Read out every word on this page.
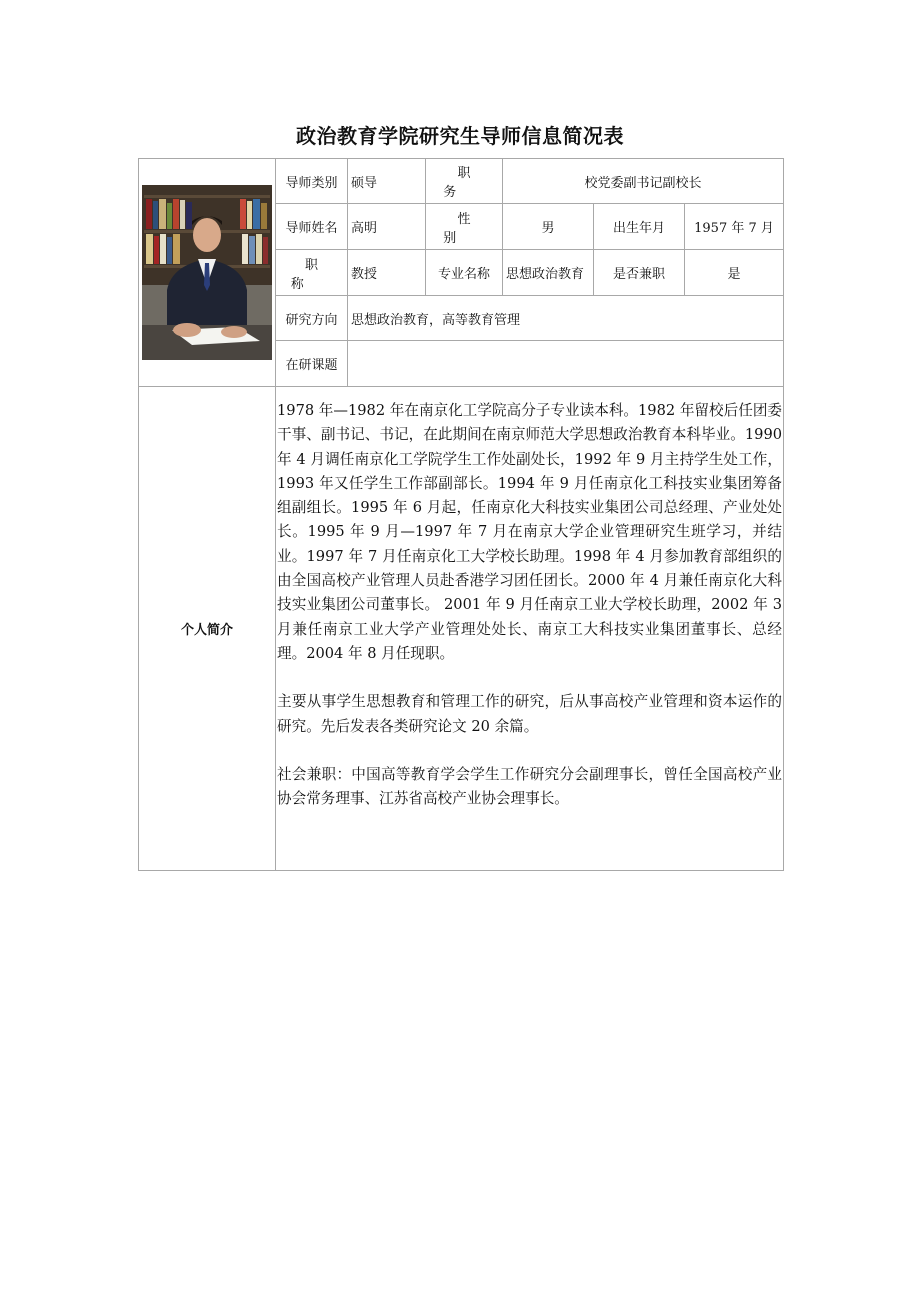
政治教育学院研究生导师信息简况表
	导师类别	硕导	职 务	校党委副书记副校长		
	导师姓名	高明	性 别	男	出生年月	1957 年 7 月
	职 称	教授	专业名称	思想政治教育	是否兼职	是
	研究方向	思想政治教育，高等教育管理				
	在研课题					
个人简介	1978 年—1982 年在南京化工学院高分子专业读本科。1982 年留校后任团委干事、副书记、书记，在此期间在南京师范大学思想政治教育本科毕业。1990 年 4 月调任南京化工学院学生工作处副处长，1992 年 9 月主持学生处工作，1993 年又任学生工作部副部长。1994 年 9 月任南京化工科技实业集团筹备组副组长。1995 年 6 月起，任南京化大科技实业集团公司总经理、产业处处长。1995 年 9 月—1997 年 7 月在南京大学企业管理研究生班学习，并结业。1997 年 7 月任南京化工大学校长助理。1998 年 4 月参加教育部组织的由全国高校产业管理人员赴香港学习团任团长。2000 年 4 月兼任南京化大科技实业集团公司董事长。 2001 年 9 月任南京工业大学校长助理，2002 年 3 月兼任南京工业大学产业管理处处长、南京工大科技实业集团董事长、总经理。2004 年 8 月任现职。

主要从事学生思想教育和管理工作的研究，后从事高校产业管理和资本运作的研究。先后发表各类研究论文 20 余篇。

社会兼职：中国高等教育学会学生工作研究分会副理事长，曾任全国高校产业协会常务理事、江苏省高校产业协会理事长。					
